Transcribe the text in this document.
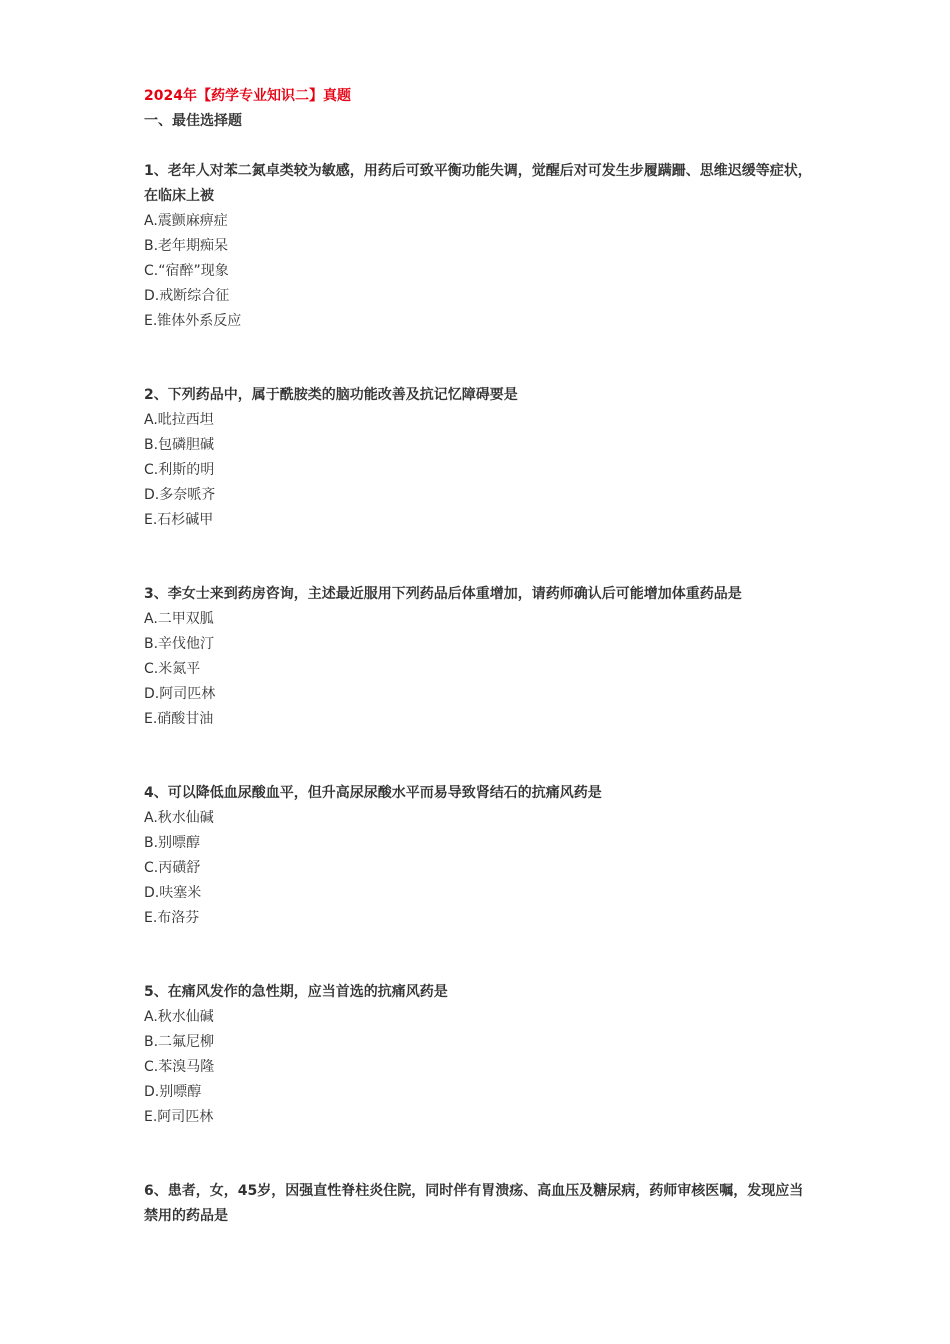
2024年【药学专业知识二】真题
一、最佳选择题
1、老年人对苯二氮卓类较为敏感，用药后可致平衡功能失调，觉醒后对可发生步履蹒跚、思维迟缓等症状，在临床上被
A.震颤麻痹症
B.老年期痴呆
C.“宿醉”现象
D.戒断综合征
E.锥体外系反应
2、下列药品中，属于酰胺类的脑功能改善及抗记忆障碍要是
A.吡拉西坦
B.包磷胆碱
C.利斯的明
D.多奈哌齐
E.石杉碱甲
3、李女士来到药房咨询，主述最近服用下列药品后体重增加，请药师确认后可能增加体重药品是
A.二甲双胍
B.辛伐他汀
C.米氮平
D.阿司匹林
E.硝酸甘油
4、可以降低血尿酸血平，但升高尿尿酸水平而易导致肾结石的抗痛风药是
A.秋水仙碱
B.别嘌醇
C.丙磺舒
D.呋塞米
E.布洛芬
5、在痛风发作的急性期，应当首选的抗痛风药是
A.秋水仙碱
B.二氟尼柳
C.苯溴马隆
D.别嘌醇
E.阿司匹林
6、患者，女，45岁，因强直性脊柱炎住院，同时伴有胃溃疡、高血压及糖尿病，药师审核医嘱，发现应当禁用的药品是
